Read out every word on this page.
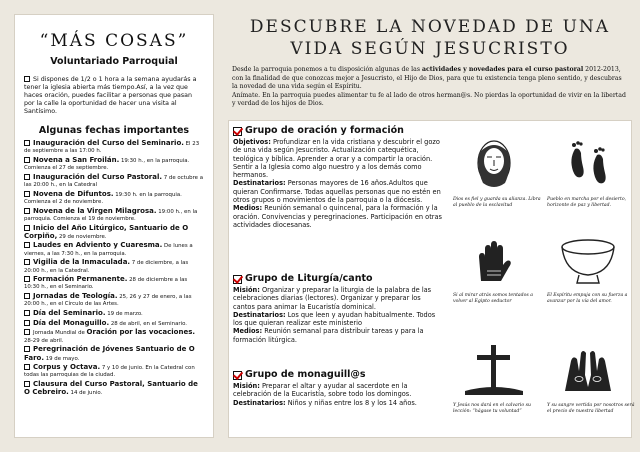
“MÁS COSAS”
Voluntariado Parroquial
Si dispones de 1/2 o 1 hora a la semana ayudarás a tener la iglesia abierta más tiempo.Así, a la vez que haces oración, puedes facilitar a personas que pasan por la calle la oportunidad de hacer una visita al Santísimo.
Algunas fechas importantes
Inauguración del Curso del Seminario. El 23 de septiembre a las 17:00 h.
Novena a San Froilán. 19:30 h., en la parroquia. Comienza el 27 de septiembre.
Inauguración del Curso Pastoral. 7 de octubre a las 20:00 h., en la Catedral
Novena de Difuntos. 19:30 h. en la parroquia. Comienza el 2 de noviembre.
Novena de la Virgen Milagrosa. 19:00 h., en la parroquia. Comienza el 19 de noviembre.
Inicio del Año Litúrgico, Santuario de O Corpiño, 29 de noviembre.
Laudes en Adviento y Cuaresma. De lunes a viernes, a las 7:30 h., en la parroquia.
Vigilia de la Inmaculada. 7 de diciembre, a las 20:00 h., en la Catedral.
Formación Permanente. 28 de diciembre a las 10:30 h., en el Seminario.
Jornadas de Teología. 25, 26 y 27 de enero, a las 20:00 h., en el Círculo de las Artes.
Día del Seminario. 19 de marzo.
Día del Monaguillo. 28 de abril, en el Seminario.
Jornada Mundial de Oración por las vocaciones. 28-29 de abril.
Peregrinación de Jóvenes Santuario de O Faro. 19 de mayo.
Corpus y Octava. 7 y 10 de junio. En la Catedral con todas las parroquias de la ciudad.
Clausura del Curso Pastoral, Santuario de O Cebreiro. 14 de junio.
DESCUBRE LA NOVEDAD DE UNA
VIDA SEGÚN JESUCRISTO

Desde la parroquia ponemos a tu disposición algunas de las actividades y novedades para el curso pastoral 2012-2013, con la finalidad de que conozcas mejor a Jesucristo, el Hijo de Dios, para que tu existencia tenga pleno sentido, y descubras la novedad de una vida según el Espíritu.

Anímate. En la parroquia puedes alimentar tu fe al lado de otros herman@s. No pierdas la oportunidad de vivir en la libertad y verdad de los hijos de Dios.

Grupo de oración y formación

Objetivos: Profundizar en la vida cristiana y descubrir el gozo de una vida según Jesucristo. Actualización catequética, teológica y bíblica. Aprender a orar y a compartir la oración. Sentir a la Iglesia como algo nuestro y a los demás como hermanos.

Destinatarios: Personas mayores de 16 años.Adultos que quieran Confirmarse. Todas aquellas personas que no estén en otros grupos o movimientos de la parroquia o la diócesis.

Medios: Reunión semanal o quincenal, para la formación y la oración. Convivencias y peregrinaciones. Participación en otras actividades diocesanas.

Grupo de Liturgía/canto

Misión: Organizar y preparar la liturgia de la palabra de las celebraciones diarias (lectores). Organizar y preparar los cantos para animar la Eucaristía dominical.

Destinatarios: Los que leen y ayudan habitualmente. Todos los que quieran realizar este ministerio

Medios: Reunión semanal para distribuir tareas y para la formación litúrgica.

Grupo de monaguill@s

Misión: Preparar el altar y ayudar al sacerdote en la celebración de la Eucaristía, sobre todo los domingos.

Destinatarios: Niños y niñas entre los 8 y los 14 años.

Dios es fiel y guarda su alianza. Libra al pueblo de la esclavitud
Pueblo en marcha por el desierto, horizonte de paz y libertad.
Si al mirar atrás somos tentados a volver al Egipto seductor
El Espíritu empuja con su fuerza a avanzar por la vía del amor.
Y Jesús nos dará en el calvario su lección: “hágase tu voluntad”
Y su sangre vertida por nosotros será el precio de nuestra libertad
